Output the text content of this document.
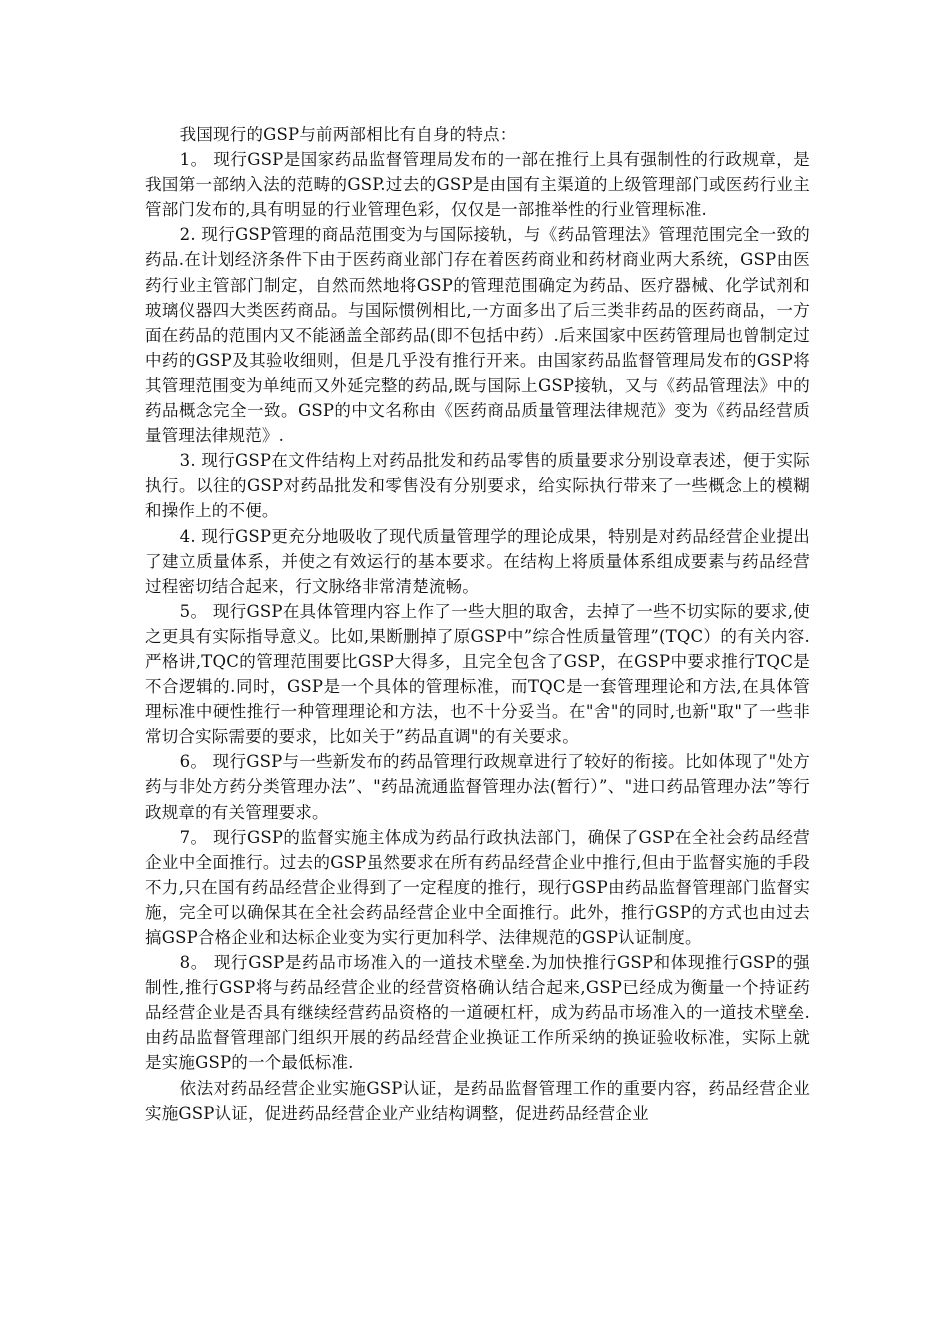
我国现行的GSP与前两部相比有自身的特点：

1。 现行GSP是国家药品监督管理局发布的一部在推行上具有强制性的行政规章，是我国第一部纳入法的范畴的GSP.过去的GSP是由国有主渠道的上级管理部门或医药行业主管部门发布的,具有明显的行业管理色彩，仅仅是一部推举性的行业管理标准.

2. 现行GSP管理的商品范围变为与国际接轨，与《药品管理法》管理范围完全一致的药品.在计划经济条件下由于医药商业部门存在着医药商业和药材商业两大系统，GSP由医药行业主管部门制定，自然而然地将GSP的管理范围确定为药品、医疗器械、化学试剂和玻璃仪器四大类医药商品。与国际惯例相比,一方面多出了后三类非药品的医药商品，一方面在药品的范围内又不能涵盖全部药品(即不包括中药）.后来国家中医药管理局也曾制定过中药的GSP及其验收细则，但是几乎没有推行开来。由国家药品监督管理局发布的GSP将其管理范围变为单纯而又外延完整的药品,既与国际上GSP接轨，又与《药品管理法》中的药品概念完全一致。GSP的中文名称由《医药商品质量管理法律规范》变为《药品经营质量管理法律规范》.

3. 现行GSP在文件结构上对药品批发和药品零售的质量要求分别设章表述，便于实际执行。以往的GSP对药品批发和零售没有分别要求，给实际执行带来了一些概念上的模糊和操作上的不便。

4. 现行GSP更充分地吸收了现代质量管理学的理论成果，特别是对药品经营企业提出了建立质量体系，并使之有效运行的基本要求。在结构上将质量体系组成要素与药品经营过程密切结合起来，行文脉络非常清楚流畅。

5。 现行GSP在具体管理内容上作了一些大胆的取舍，去掉了一些不切实际的要求,使之更具有实际指导意义。比如,果断删掉了原GSP中”综合性质量管理”(TQC）的有关内容.严格讲,TQC的管理范围要比GSP大得多，且完全包含了GSP，在GSP中要求推行TQC是不合逻辑的.同时，GSP是一个具体的管理标准，而TQC是一套管理理论和方法,在具体管理标准中硬性推行一种管理理论和方法，也不十分妥当。在"舍"的同时,也新"取"了一些非常切合实际需要的要求，比如关于”药品直调"的有关要求。

6。 现行GSP与一些新发布的药品管理行政规章进行了较好的衔接。比如体现了"处方药与非处方药分类管理办法”、"药品流通监督管理办法(暂行）”、"进口药品管理办法”等行政规章的有关管理要求。

7。 现行GSP的监督实施主体成为药品行政执法部门，确保了GSP在全社会药品经营企业中全面推行。过去的GSP虽然要求在所有药品经营企业中推行,但由于监督实施的手段不力,只在国有药品经营企业得到了一定程度的推行，现行GSP由药品监督管理部门监督实施，完全可以确保其在全社会药品经营企业中全面推行。此外，推行GSP的方式也由过去搞GSP合格企业和达标企业变为实行更加科学、法律规范的GSP认证制度。

8。 现行GSP是药品市场准入的一道技术壁垒.为加快推行GSP和体现推行GSP的强制性,推行GSP将与药品经营企业的经营资格确认结合起来,GSP已经成为衡量一个持证药品经营企业是否具有继续经营药品资格的一道硬杠杆，成为药品市场准入的一道技术壁垒.由药品监督管理部门组织开展的药品经营企业换证工作所采纳的换证验收标准，实际上就是实施GSP的一个最低标准.

依法对药品经营企业实施GSP认证，是药品监督管理工作的重要内容，药品经营企业实施GSP认证，促进药品经营企业产业结构调整，促进药品经营企业
